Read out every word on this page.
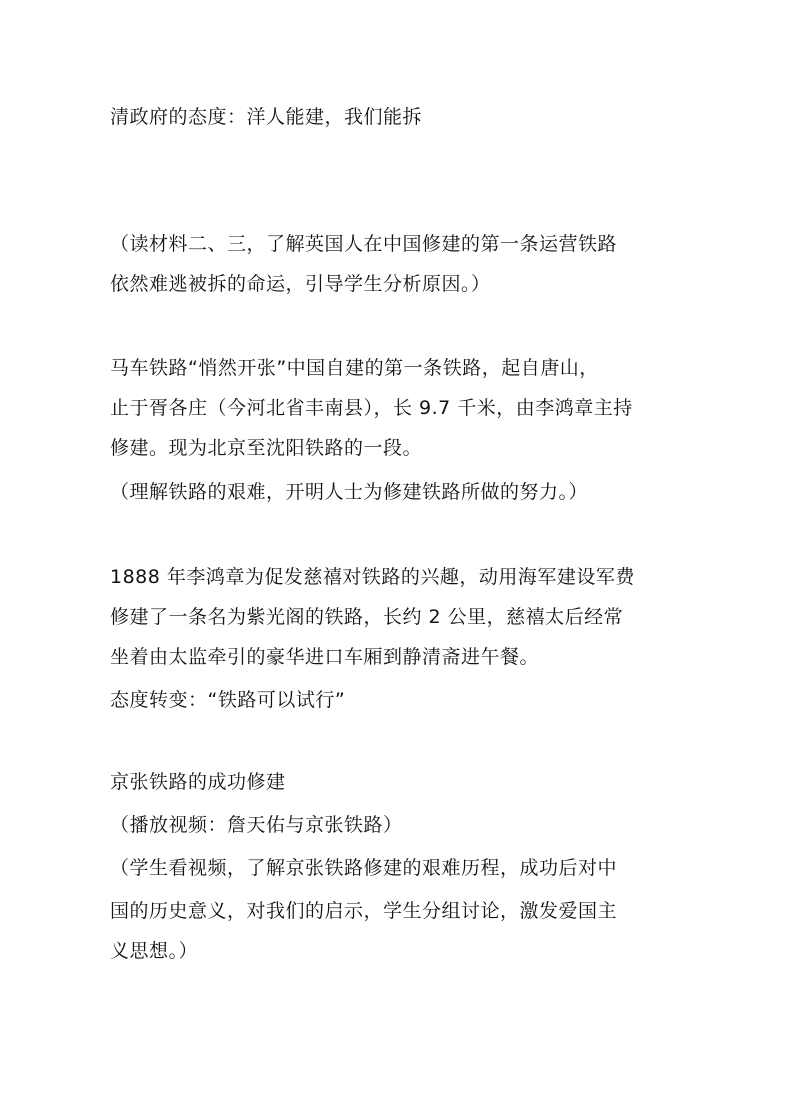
清政府的态度：洋人能建，我们能拆
（读材料二、三，了解英国人在中国修建的第一条运营铁路
依然难逃被拆的命运，引导学生分析原因。）
马车铁路“悄然开张”中国自建的第一条铁路，起自唐山，
止于胥各庄（今河北省丰南县），长 9.7 千米，由李鸿章主持
修建。现为北京至沈阳铁路的一段。
（理解铁路的艰难，开明人士为修建铁路所做的努力。）
1888 年李鸿章为促发慈禧对铁路的兴趣，动用海军建设军费
修建了一条名为紫光阁的铁路，长约 2 公里，慈禧太后经常
坐着由太监牵引的豪华进口车厢到静清斋进午餐。
态度转变：“铁路可以试行”
京张铁路的成功修建
（播放视频：詹天佑与京张铁路）
（学生看视频，了解京张铁路修建的艰难历程，成功后对中
国的历史意义，对我们的启示，学生分组讨论，激发爱国主
义思想。）
